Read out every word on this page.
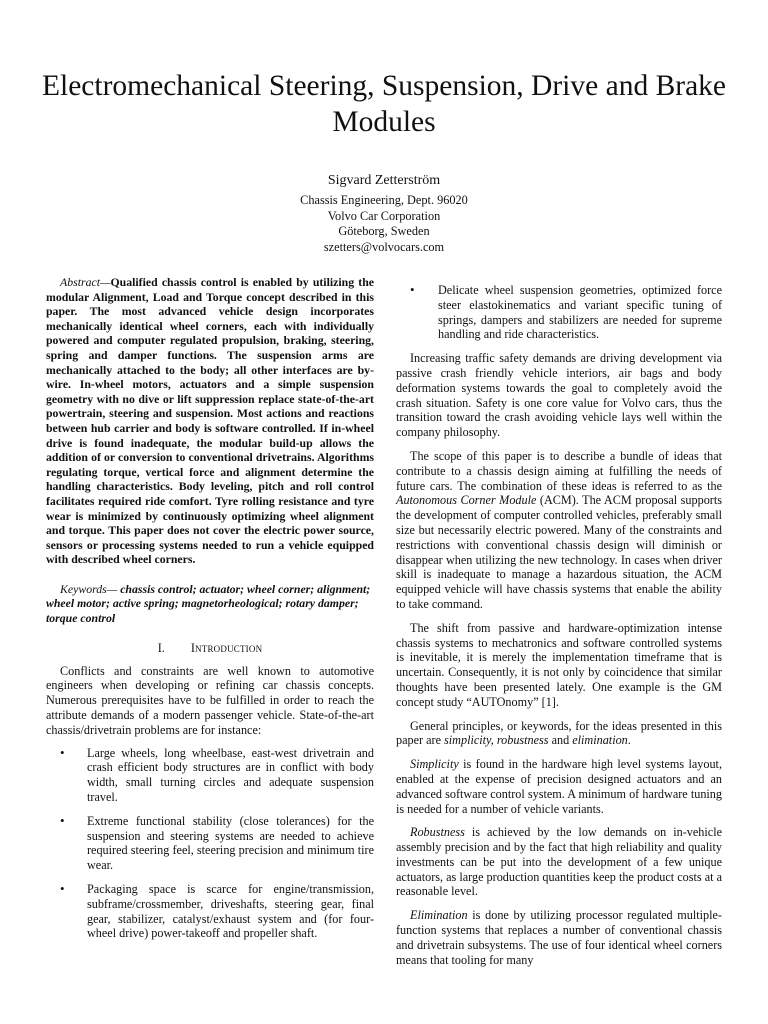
Electromechanical Steering, Suspension, Drive and Brake Modules
Sigvard Zetterström
Chassis Engineering, Dept. 96020
Volvo Car Corporation
Göteborg, Sweden
szetters@volvocars.com

Abstract—Qualified chassis control is enabled by utilizing the modular Alignment, Load and Torque concept described in this paper. The most advanced vehicle design incorporates mechanically identical wheel corners, each with individually powered and computer regulated propulsion, braking, steering, spring and damper functions. The suspension arms are mechanically attached to the body; all other interfaces are by-wire. In-wheel motors, actuators and a simple suspension geometry with no dive or lift suppression replace state-of-the-art powertrain, steering and suspension. Most actions and reactions between hub carrier and body is software controlled. If in-wheel drive is found inadequate, the modular build-up allows the addition of or conversion to conventional drivetrains. Algorithms regulating torque, vertical force and alignment determine the handling characteristics. Body leveling, pitch and roll control facilitates required ride comfort. Tyre rolling resistance and tyre wear is minimized by continuously optimizing wheel alignment and torque. This paper does not cover the electric power source, sensors or processing systems needed to run a vehicle equipped with described wheel corners.

Keywords— chassis control; actuator; wheel corner; alignment; wheel motor; active spring; magnetorheological; rotary damper; torque control

I. Introduction

Conflicts and constraints are well known to automotive engineers when developing or refining car chassis concepts. Numerous prerequisites have to be fulfilled in order to reach the attribute demands of a modern passenger vehicle. State-of-the-art chassis/drivetrain problems are for instance:

• Large wheels, long wheelbase, east-west drivetrain and crash efficient body structures are in conflict with body width, small turning circles and adequate suspension travel.
• Extreme functional stability (close tolerances) for the suspension and steering systems are needed to achieve required steering feel, steering precision and minimum tire wear.
• Packaging space is scarce for engine/transmission, subframe/crossmember, driveshafts, steering gear, final gear, stabilizer, catalyst/exhaust system and (for four-wheel drive) power-takeoff and propeller shaft.
• Delicate wheel suspension geometries, optimized force steer elastokinematics and variant specific tuning of springs, dampers and stabilizers are needed for supreme handling and ride characteristics.

Increasing traffic safety demands are driving development via passive crash friendly vehicle interiors, air bags and body deformation systems towards the goal to completely avoid the crash situation. Safety is one core value for Volvo cars, thus the transition toward the crash avoiding vehicle lays well within the company philosophy.

The scope of this paper is to describe a bundle of ideas that contribute to a chassis design aiming at fulfilling the needs of future cars. The combination of these ideas is referred to as the Autonomous Corner Module (ACM). The ACM proposal supports the development of computer controlled vehicles, preferably small size but necessarily electric powered. Many of the constraints and restrictions with conventional chassis design will diminish or disappear when utilizing the new technology. In cases when driver skill is inadequate to manage a hazardous situation, the ACM equipped vehicle will have chassis systems that enable the ability to take command.

The shift from passive and hardware-optimization intense chassis systems to mechatronics and software controlled systems is inevitable, it is merely the implementation timeframe that is uncertain. Consequently, it is not only by coincidence that similar thoughts have been presented lately. One example is the GM concept study “AUTOnomy” [1].

General principles, or keywords, for the ideas presented in this paper are simplicity, robustness and elimination.

Simplicity is found in the hardware high level systems layout, enabled at the expense of precision designed actuators and an advanced software control system. A minimum of hardware tuning is needed for a number of vehicle variants.

Robustness is achieved by the low demands on in-vehicle assembly precision and by the fact that high reliability and quality investments can be put into the development of a few unique actuators, as large production quantities keep the product costs at a reasonable level.

Elimination is done by utilizing processor regulated multiple-function systems that replaces a number of conventional chassis and drivetrain subsystems. The use of four identical wheel corners means that tooling for many
